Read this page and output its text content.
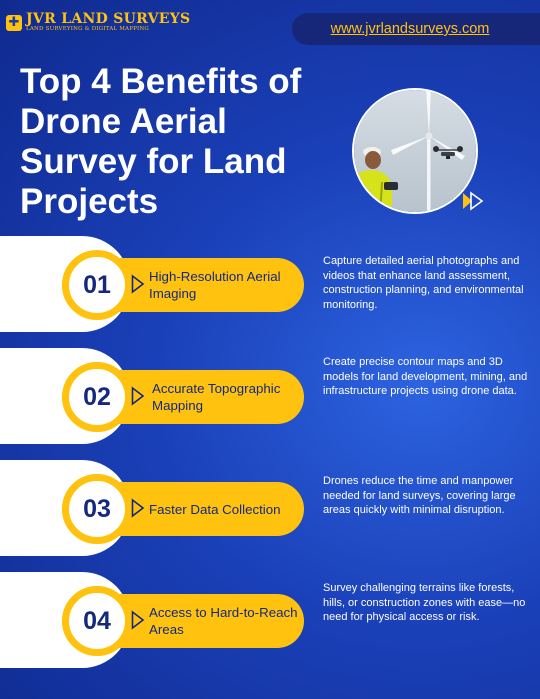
✚ JVR LAND SURVEYS
LAND SURVEYING & DIGITAL MAPPING	www.jvrlandsurveys.com
Top 4 Benefits of Drone Aerial Survey for Land Projects
01	High-Resolution Aerial Imaging
Capture detailed aerial photographs and videos that enhance land assessment, construction planning, and environmental monitoring.
02	Accurate Topographic Mapping
Create precise contour maps and 3D models for land development, mining, and infrastructure projects using drone data.
03	Faster Data Collection
Drones reduce the time and manpower needed for land surveys, covering large areas quickly with minimal disruption.
04	Access to Hard-to-Reach Areas
Survey challenging terrains like forests, hills, or construction zones with ease—no need for physical access or risk.
